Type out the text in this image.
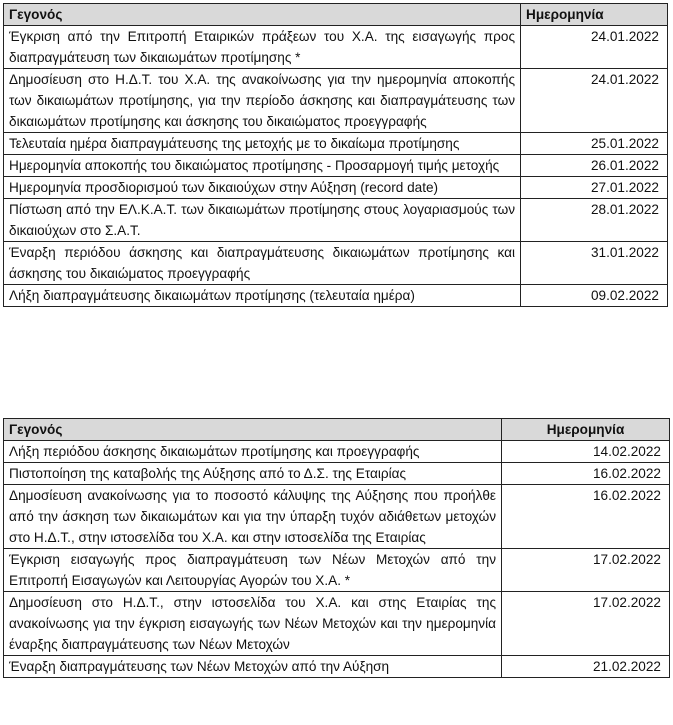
Γεγονός	Ημερομηνία
Έγκριση από την Επιτροπή Εταιρικών πράξεων του Χ.Α. της εισαγωγής προς διαπραγμάτευση των δικαιωμάτων προτίμησης *	24.01.2022
Δημοσίευση στο Η.Δ.Τ. του Χ.Α. της ανακοίνωσης για την ημερομηνία αποκοπής των δικαιωμάτων προτίμησης, για την περίοδο άσκησης και διαπραγμάτευσης των δικαιωμάτων προτίμησης και άσκησης του δικαιώματος προεγγραφής	24.01.2022
Τελευταία ημέρα διαπραγμάτευσης της μετοχής με το δικαίωμα προτίμησης	25.01.2022
Ημερομηνία αποκοπής του δικαιώματος προτίμησης - Προσαρμογή τιμής μετοχής	26.01.2022
Ημερομηνία προσδιορισμού των δικαιούχων στην Αύξηση (record date)	27.01.2022
Πίστωση από την ΕΛ.Κ.Α.Τ. των δικαιωμάτων προτίμησης στους λογαριασμούς των δικαιούχων στο Σ.Α.Τ.	28.01.2022
Έναρξη περιόδου άσκησης και διαπραγμάτευσης δικαιωμάτων προτίμησης και άσκησης του δικαιώματος προεγγραφής	31.01.2022
Λήξη διαπραγμάτευσης δικαιωμάτων προτίμησης (τελευταία ημέρα)	09.02.2022
Γεγονός	Ημερομηνία
Λήξη περιόδου άσκησης δικαιωμάτων προτίμησης και προεγγραφής	14.02.2022
Πιστοποίηση της καταβολής της Αύξησης από το Δ.Σ. της Εταιρίας	16.02.2022
Δημοσίευση ανακοίνωσης για το ποσοστό κάλυψης της Αύξησης που προήλθε από την άσκηση των δικαιωμάτων και για την ύπαρξη τυχόν αδιάθετων μετοχών στο Η.Δ.Τ., στην ιστοσελίδα του Χ.Α. και στην ιστοσελίδα της Εταιρίας	16.02.2022
Έγκριση εισαγωγής προς διαπραγμάτευση των Νέων Μετοχών από την Επιτροπή Εισαγωγών και Λειτουργίας Αγορών του Χ.Α. *	17.02.2022
Δημοσίευση στο Η.Δ.Τ., στην ιστοσελίδα του Χ.Α. και στης Εταιρίας της ανακοίνωσης για την έγκριση εισαγωγής των Νέων Μετοχών και την ημερομηνία έναρξης διαπραγμάτευσης των Νέων Μετοχών	17.02.2022
Έναρξη διαπραγμάτευσης των Νέων Μετοχών από την Αύξηση	21.02.2022
